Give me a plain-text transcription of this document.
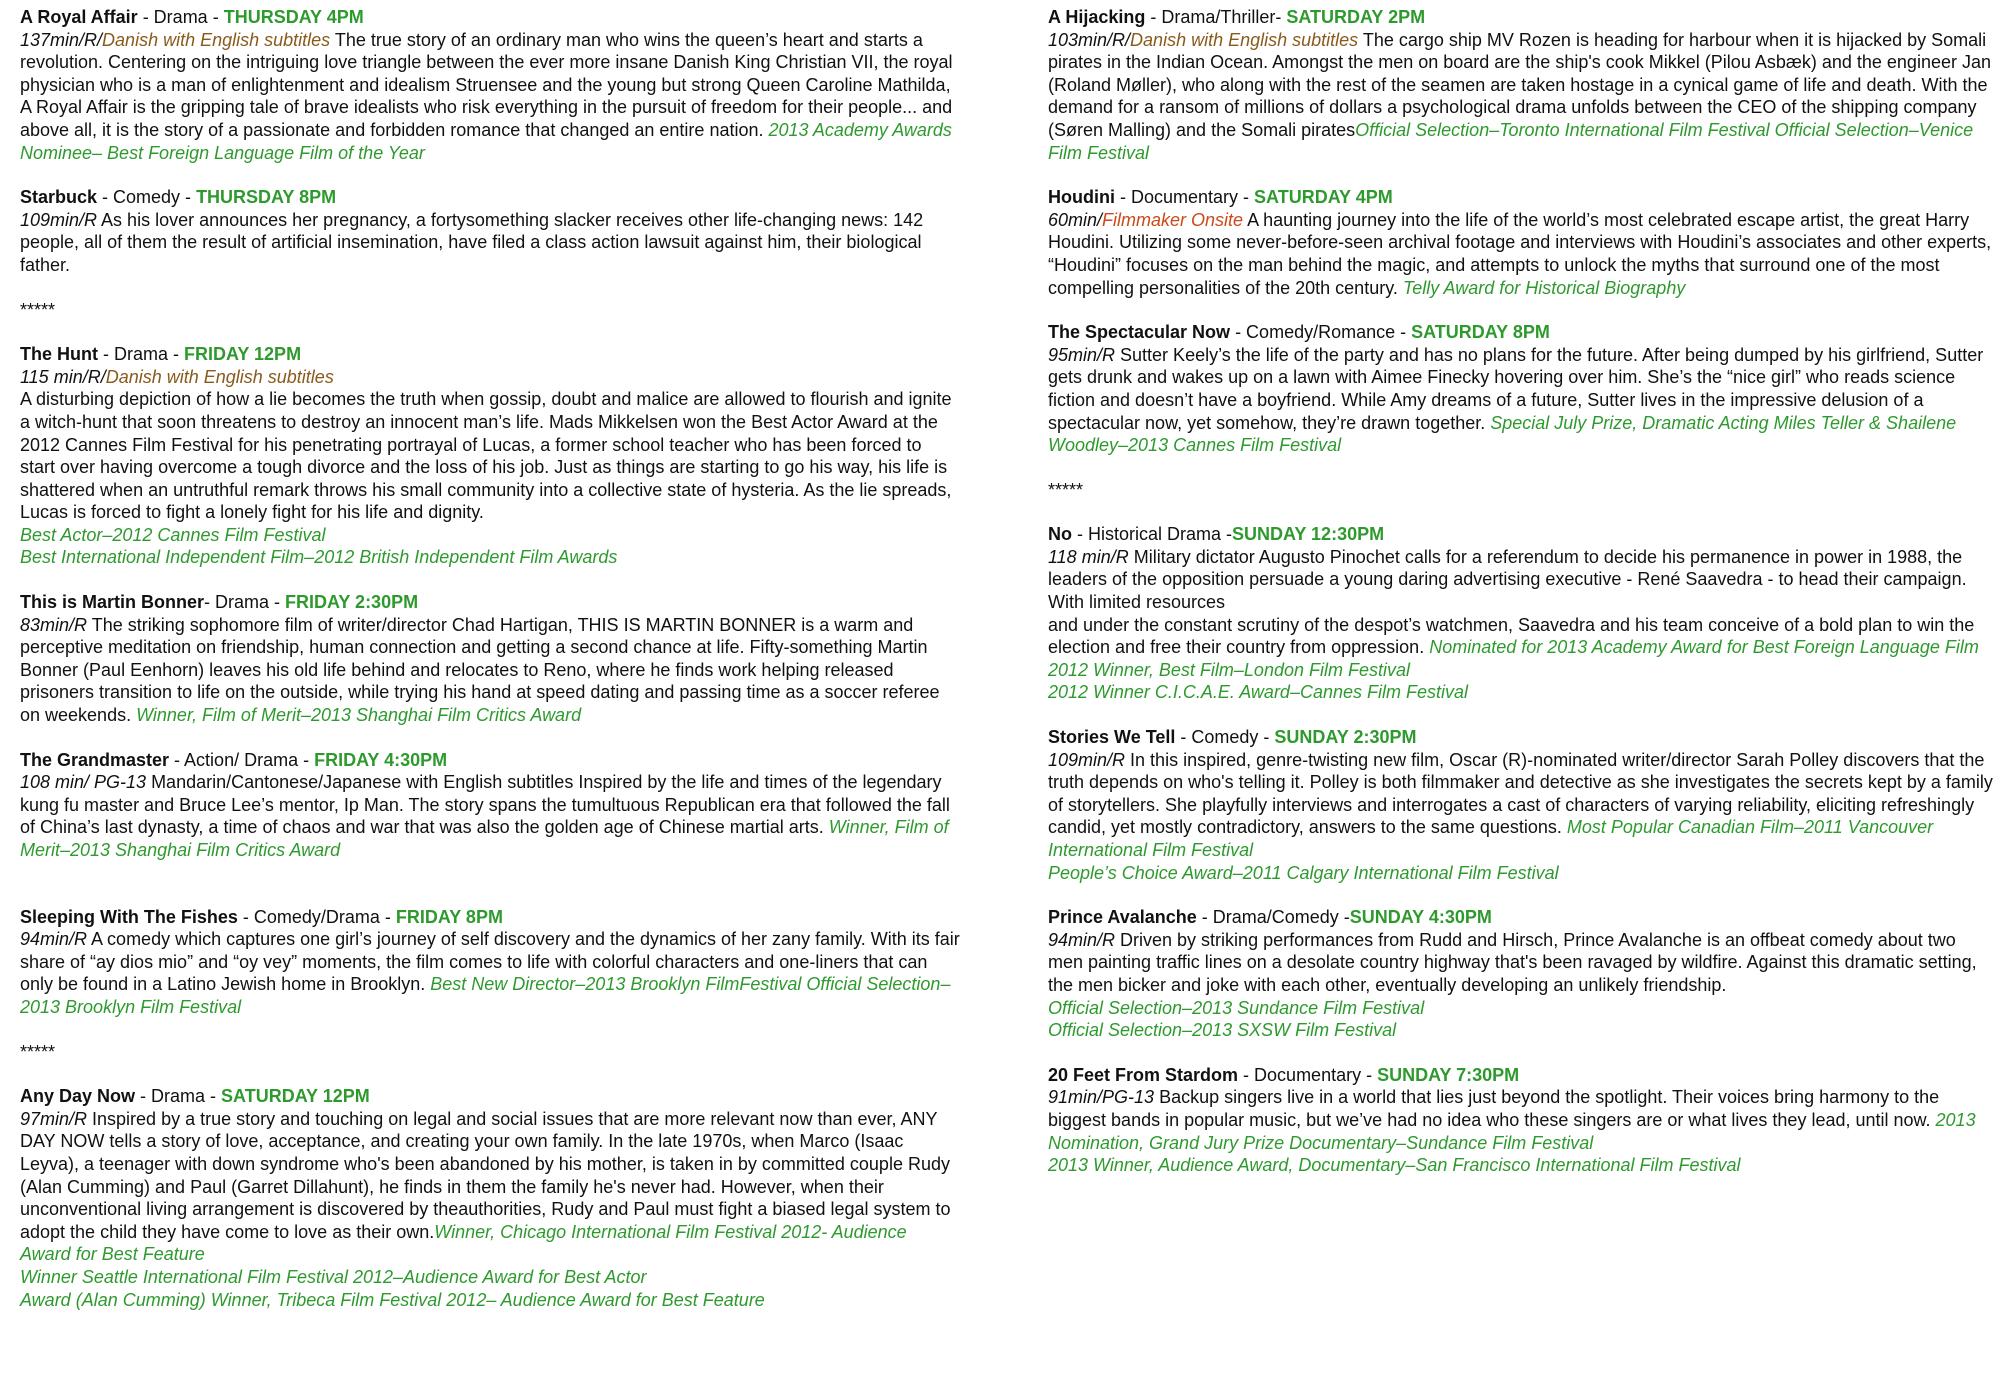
A Royal Affair - Drama - THURSDAY 4PM
137min/R/Danish with English subtitles The true story of an ordinary man who wins the queen’s heart and starts a revolution. Centering on the intriguing love triangle between the ever more insane Danish King Christian VII, the royal physician who is a man of enlightenment and idealism Struensee and the young but strong Queen Caroline Mathilda, A Royal Affair is the gripping tale of brave idealists who risk everything in the pursuit of freedom for their people... and above all, it is the story of a passionate and forbidden romance that changed an entire nation. 2013 Academy Awards Nominee– Best Foreign Language Film of the Year
Starbuck - Comedy - THURSDAY 8PM
109min/R As his lover announces her pregnancy, a fortysomething slacker receives other life-changing news: 142 people, all of them the result of artificial insemination, have filed a class action lawsuit against him, their biological father.
*****
The Hunt - Drama - FRIDAY 12PM
115 min/R/Danish with English subtitles
A disturbing depiction of how a lie becomes the truth when gossip, doubt and malice are allowed to flourish and ignite a witch-hunt that soon threatens to destroy an innocent man’s life. Mads Mikkelsen won the Best Actor Award at the 2012 Cannes Film Festival for his penetrating portrayal of Lucas, a former school teacher who has been forced to start over having overcome a tough divorce and the loss of his job. Just as things are starting to go his way, his life is shattered when an untruthful remark throws his small community into a collective state of hysteria. As the lie spreads, Lucas is forced to fight a lonely fight for his life and dignity.
Best Actor–2012 Cannes Film Festival
Best International Independent Film–2012 British Independent Film Awards
This is Martin Bonner- Drama - FRIDAY 2:30PM
83min/R The striking sophomore film of writer/director Chad Hartigan, THIS IS MARTIN BONNER is a warm and perceptive meditation on friendship, human connection and getting a second chance at life. Fifty-something Martin Bonner (Paul Eenhorn) leaves his old life behind and relocates to Reno, where he finds work helping released prisoners transition to life on the outside, while trying his hand at speed dating and passing time as a soccer referee on weekends. Winner, Film of Merit–2013 Shanghai Film Critics Award
The Grandmaster - Action/ Drama - FRIDAY 4:30PM
108 min/ PG-13 Mandarin/Cantonese/Japanese with English subtitles Inspired by the life and times of the legendary kung fu master and Bruce Lee’s mentor, Ip Man. The story spans the tumultuous Republican era that followed the fall of China’s last dynasty, a time of chaos and war that was also the golden age of Chinese martial arts. Winner, Film of Merit–2013 Shanghai Film Critics Award
Sleeping With The Fishes - Comedy/Drama - FRIDAY 8PM
94min/R A comedy which captures one girl’s journey of self discovery and the dynamics of her zany family. With its fair share of “ay dios mio” and “oy vey” moments, the film comes to life with colorful characters and one-liners that can only be found in a Latino Jewish home in Brooklyn. Best New Director–2013 Brooklyn FilmFestival Official Selection–2013 Brooklyn Film Festival
*****
Any Day Now - Drama - SATURDAY 12PM
97min/R Inspired by a true story and touching on legal and social issues that are more relevant now than ever, ANY DAY NOW tells a story of love, acceptance, and creating your own family. In the late 1970s, when Marco (Isaac Leyva), a teenager with down syndrome who's been abandoned by his mother, is taken in by committed couple Rudy (Alan Cumming) and Paul (Garret Dillahunt), he finds in them the family he's never had. However, when their unconventional living arrangement is discovered by theauthorities, Rudy and Paul must fight a biased legal system to adopt the child they have come to love as their own.Winner, Chicago International Film Festival 2012- Audience Award for Best Feature
Winner Seattle International Film Festival 2012–Audience Award for Best Actor
Award (Alan Cumming) Winner, Tribeca Film Festival 2012– Audience Award for Best Feature
A Hijacking - Drama/Thriller- SATURDAY 2PM
103min/R/Danish with English subtitles The cargo ship MV Rozen is heading for harbour when it is hijacked by Somali pirates in the Indian Ocean. Amongst the men on board are the ship's cook Mikkel (Pilou Asbæk) and the engineer Jan (Roland Møller), who along with the rest of the seamen are taken hostage in a cynical game of life and death. With the demand for a ransom of millions of dollars a psychological drama unfolds between the CEO of the shipping company (Søren Malling) and the Somali piratesOfficial Selection–Toronto International Film Festival Official Selection–Venice Film Festival
Houdini - Documentary - SATURDAY 4PM
60min/Filmmaker Onsite A haunting journey into the life of the world’s most celebrated escape artist, the great Harry Houdini. Utilizing some never-before-seen archival footage and interviews with Houdini’s associates and other experts, “Houdini” focuses on the man behind the magic, and attempts to unlock the myths that surround one of the most compelling personalities of the 20th century. Telly Award for Historical Biography
The Spectacular Now - Comedy/Romance - SATURDAY 8PM
95min/R Sutter Keely’s the life of the party and has no plans for the future. After being dumped by his girlfriend, Sutter gets drunk and wakes up on a lawn with Aimee Finecky hovering over him. She’s the “nice girl” who reads science fiction and doesn’t have a boyfriend. While Amy dreams of a future, Sutter lives in the impressive delusion of a spectacular now, yet somehow, they’re drawn together. Special July Prize, Dramatic Acting Miles Teller & Shailene Woodley–2013 Cannes Film Festival
*****
No - Historical Drama -SUNDAY 12:30PM
118 min/R Military dictator Augusto Pinochet calls for a referendum to decide his permanence in power in 1988, the leaders of the opposition persuade a young daring advertising executive - René Saavedra - to head their campaign. With limited resources
and under the constant scrutiny of the despot’s watchmen, Saavedra and his team conceive of a bold plan to win the election and free their country from oppression. Nominated for 2013 Academy Award for Best Foreign Language Film 2012 Winner, Best Film–London Film Festival
2012 Winner C.I.C.A.E. Award–Cannes Film Festival
Stories We Tell - Comedy - SUNDAY 2:30PM
109min/R In this inspired, genre-twisting new film, Oscar (R)-nominated writer/director Sarah Polley discovers that the truth depends on who's telling it. Polley is both filmmaker and detective as she investigates the secrets kept by a family of storytellers. She playfully interviews and interrogates a cast of characters of varying reliability, eliciting refreshingly candid, yet mostly contradictory, answers to the same questions. Most Popular Canadian Film–2011 Vancouver International Film Festival
People’s Choice Award–2011 Calgary International Film Festival
Prince Avalanche - Drama/Comedy -SUNDAY 4:30PM
94min/R Driven by striking performances from Rudd and Hirsch, Prince Avalanche is an offbeat comedy about two men painting traffic lines on a desolate country highway that's been ravaged by wildfire. Against this dramatic setting, the men bicker and joke with each other, eventually developing an unlikely friendship.
Official Selection–2013 Sundance Film Festival
Official Selection–2013 SXSW Film Festival
20 Feet From Stardom - Documentary - SUNDAY 7:30PM
91min/PG-13 Backup singers live in a world that lies just beyond the spotlight. Their voices bring harmony to the biggest bands in popular music, but we’ve had no idea who these singers are or what lives they lead, until now. 2013 Nomination, Grand Jury Prize Documentary–Sundance Film Festival
2013 Winner, Audience Award, Documentary–San Francisco International Film Festival
